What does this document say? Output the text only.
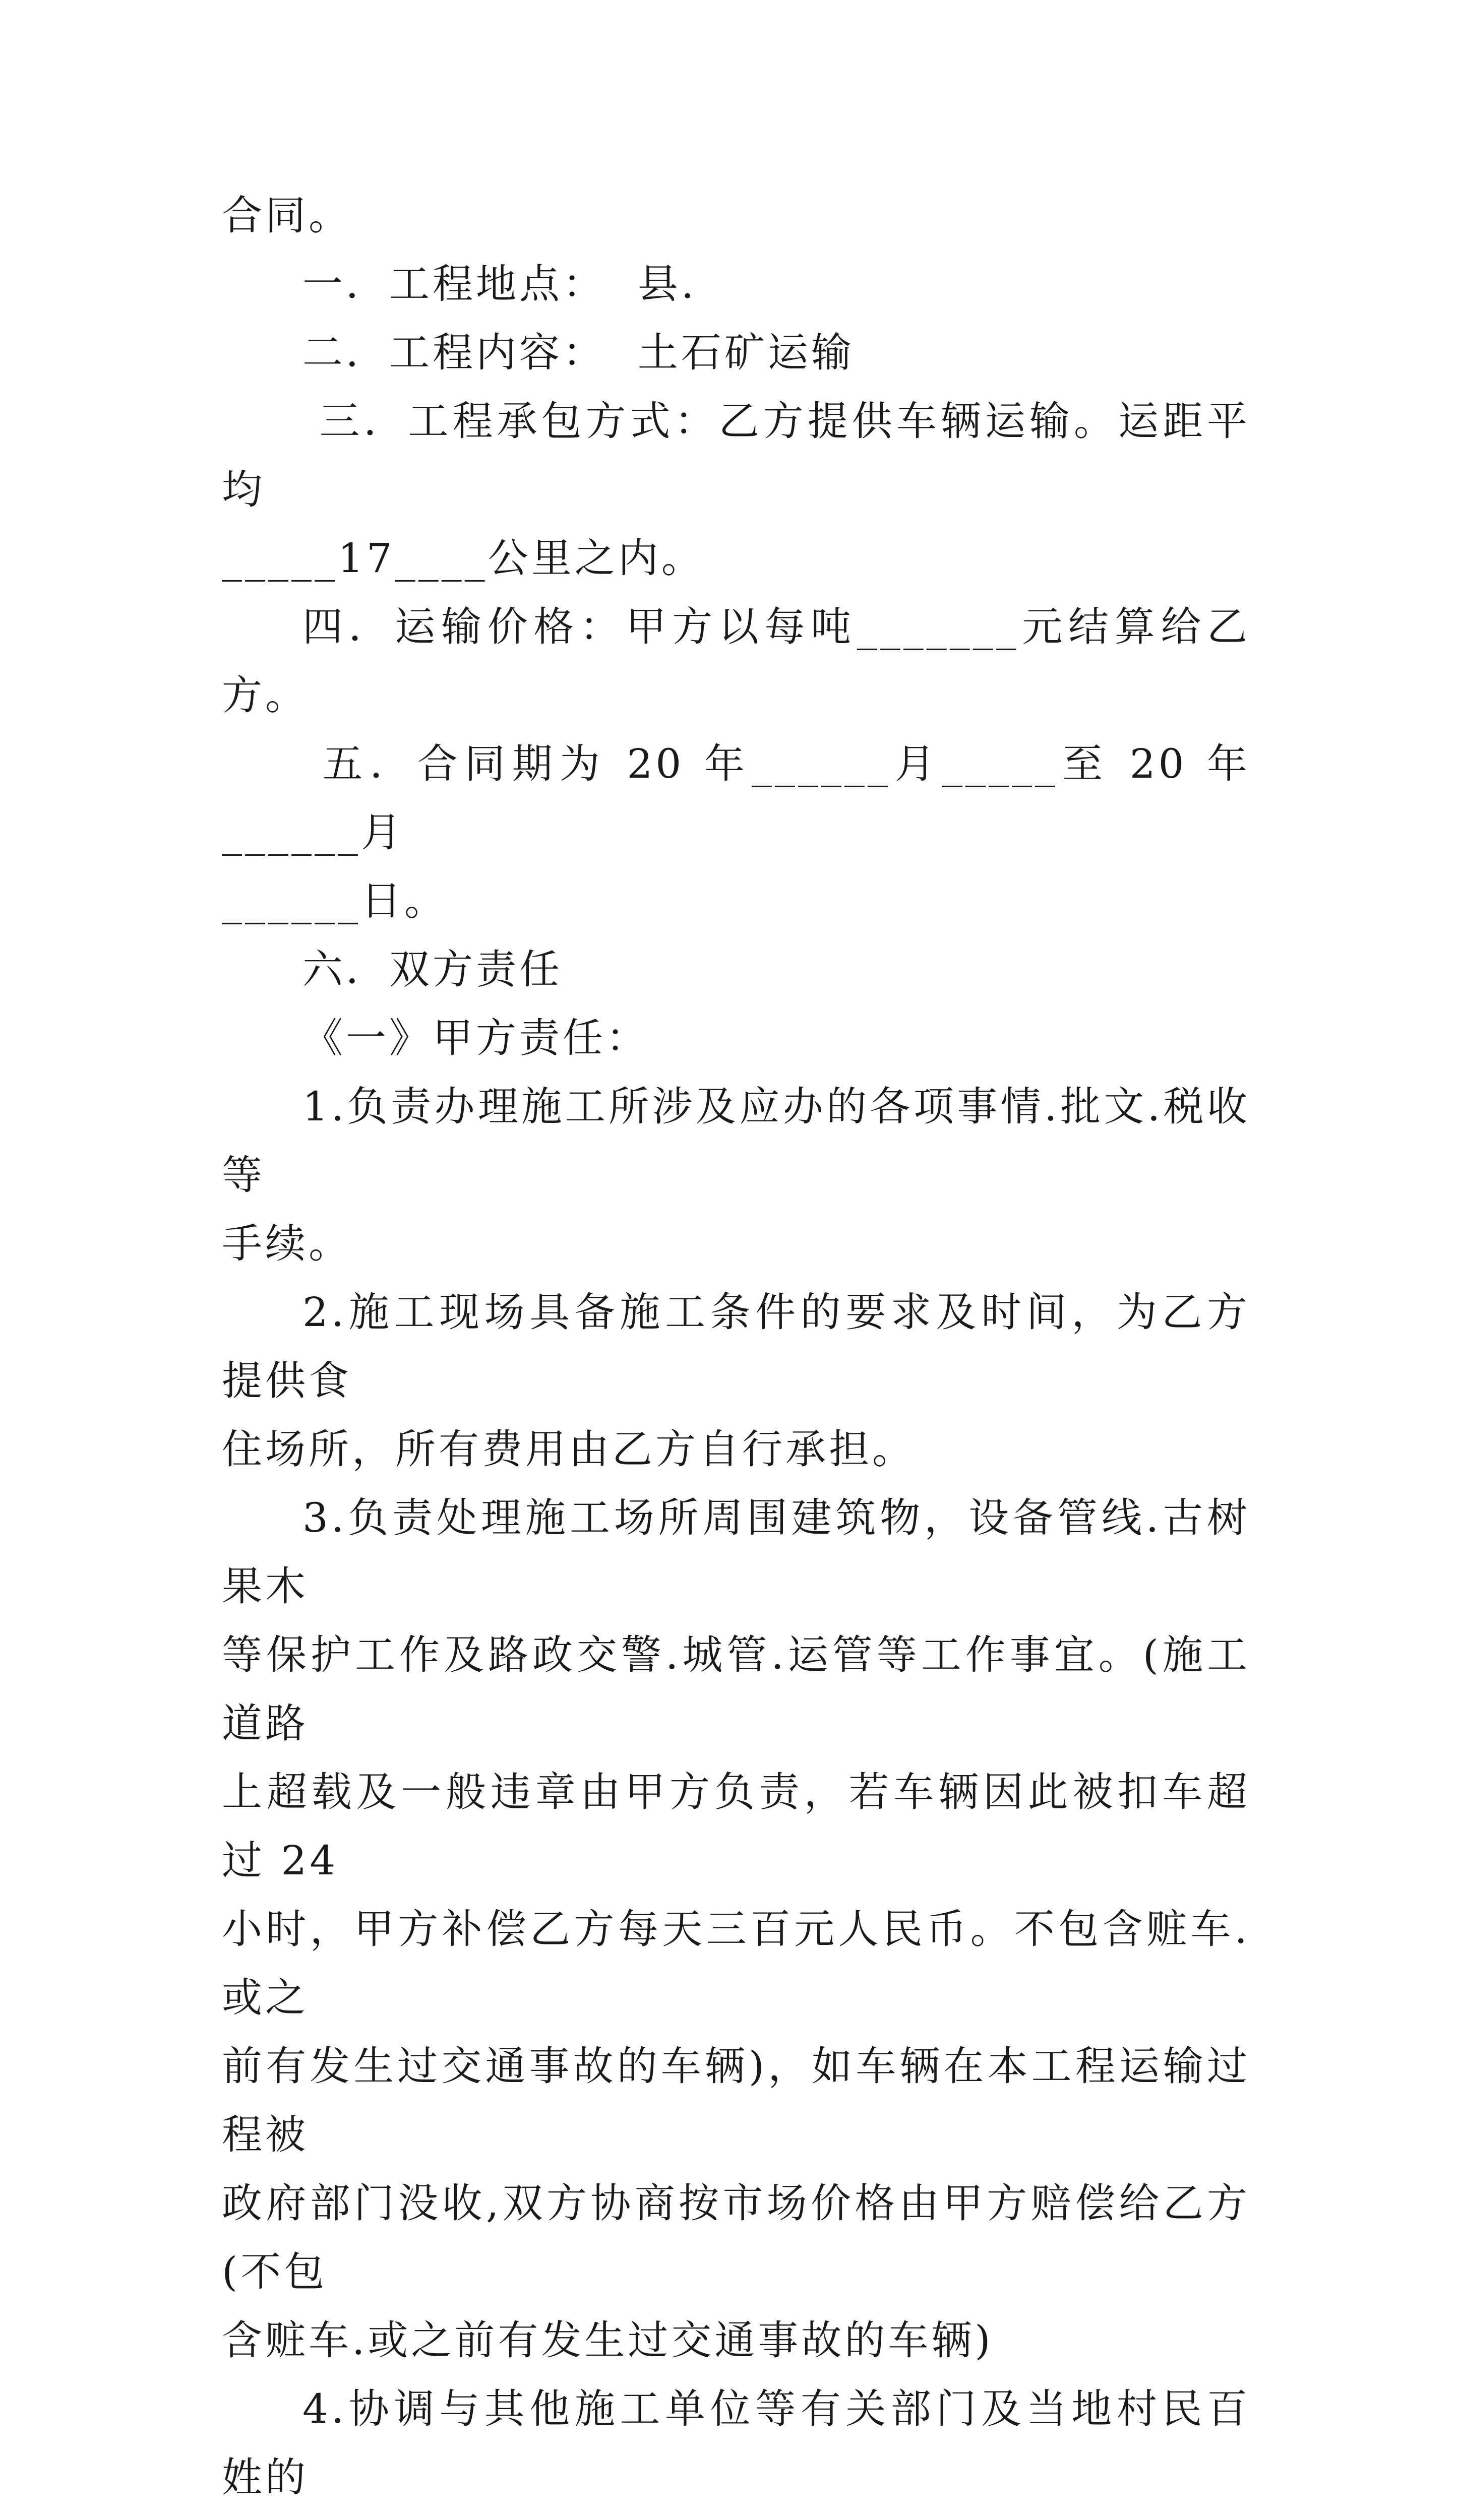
合同。

一．工程地点：  县.

二．工程内容：  土石矿运输

三．工程承包方式：乙方提供车辆运输。运距平均

_____17____公里之内。

四．运输价格：甲方以每吨_______元结算给乙方。

五．合同期为 20 年______月_____至 20 年______月

______日。

六．双方责任

《一》甲方责任：

1.负责办理施工所涉及应办的各项事情.批文.税收等

手续。

2.施工现场具备施工条件的要求及时间，为乙方提供食

住场所，所有费用由乙方自行承担。

3.负责处理施工场所周围建筑物，设备管线.古树果木

等保护工作及路政交警.城管.运管等工作事宜。(施工道路

上超载及一般违章由甲方负责，若车辆因此被扣车超过 24

小时，甲方补偿乙方每天三百元人民币。不包含赃车.或之

前有发生过交通事故的车辆)，如车辆在本工程运输过程被

政府部门没收,双方协商按市场价格由甲方赔偿给乙方(不包

含赃车.或之前有发生过交通事故的车辆)

4.协调与其他施工单位等有关部门及当地村民百姓的
